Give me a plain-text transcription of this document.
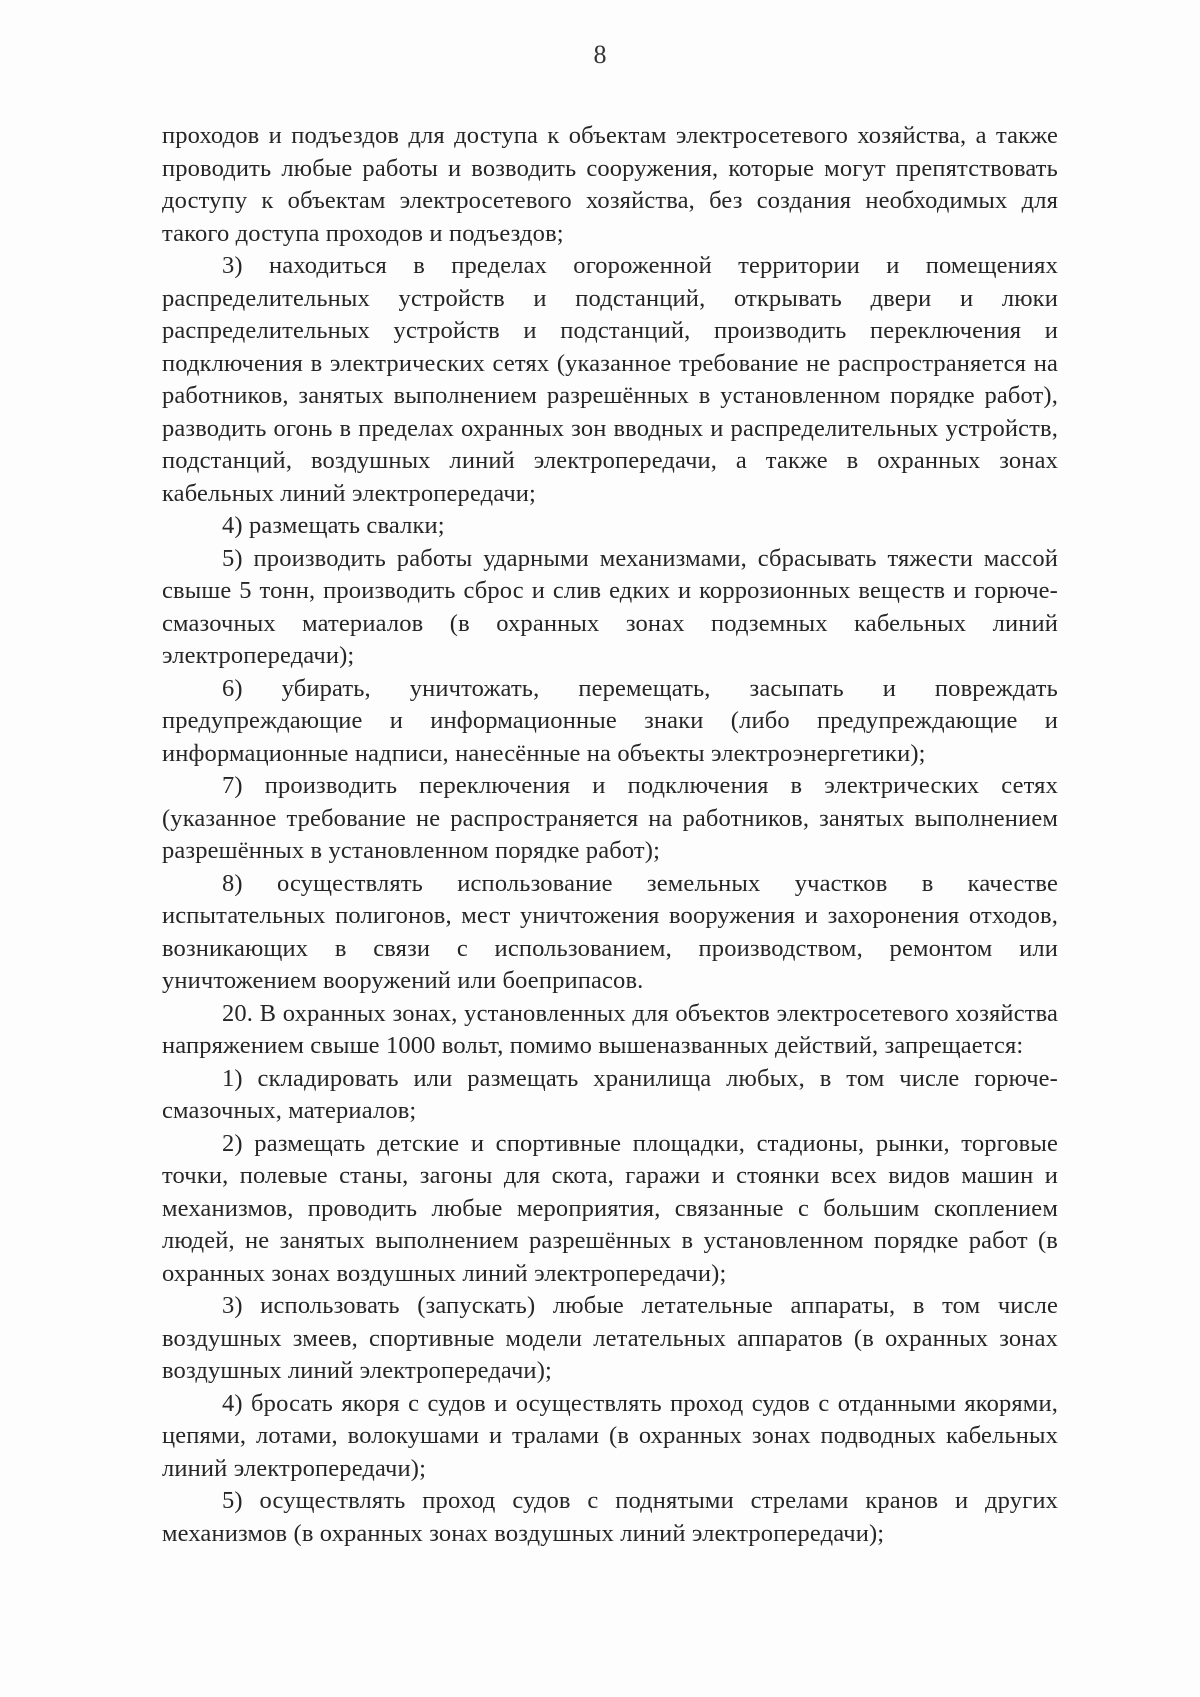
8

проходов и подъездов для доступа к объектам электросетевого хозяйства, а также проводить любые работы и возводить сооружения, которые могут препятствовать доступу к объектам электросетевого хозяйства, без создания необходимых для такого доступа проходов и подъездов;

3) находиться в пределах огороженной территории и помещениях распределительных устройств и подстанций, открывать двери и люки распределительных устройств и подстанций, производить переключения и подключения в электрических сетях (указанное требование не распространяется на работников, занятых выполнением разрешённых в установленном порядке работ), разводить огонь в пределах охранных зон вводных и распределительных устройств, подстанций, воздушных линий электропередачи, а также в охранных зонах кабельных линий электропередачи;

4) размещать свалки;

5) производить работы ударными механизмами, сбрасывать тяжести массой свыше 5 тонн, производить сброс и слив едких и коррозионных веществ и горюче-смазочных материалов (в охранных зонах подземных кабельных линий электропередачи);

6) убирать, уничтожать, перемещать, засыпать и повреждать предупреждающие и информационные знаки (либо предупреждающие и информационные надписи, нанесённые на объекты электроэнергетики);

7) производить переключения и подключения в электрических сетях (указанное требование не распространяется на работников, занятых выполнением разрешённых в установленном порядке работ);

8) осуществлять использование земельных участков в качестве испытательных полигонов, мест уничтожения вооружения и захоронения отходов, возникающих в связи с использованием, производством, ремонтом или уничтожением вооружений или боеприпасов.

20. В охранных зонах, установленных для объектов электросетевого хозяйства напряжением свыше 1000 вольт, помимо вышеназванных действий, запрещается:

1) складировать или размещать хранилища любых, в том числе горюче-смазочных, материалов;

2) размещать детские и спортивные площадки, стадионы, рынки, торговые точки, полевые станы, загоны для скота, гаражи и стоянки всех видов машин и механизмов, проводить любые мероприятия, связанные с большим скоплением людей, не занятых выполнением разрешённых в установленном порядке работ (в охранных зонах воздушных линий электропередачи);

3) использовать (запускать) любые летательные аппараты, в том числе воздушных змеев, спортивные модели летательных аппаратов (в охранных зонах воздушных линий электропередачи);

4) бросать якоря с судов и осуществлять проход судов с отданными якорями, цепями, лотами, волокушами и тралами (в охранных зонах подводных кабельных линий электропередачи);

5) осуществлять проход судов с поднятыми стрелами кранов и других механизмов (в охранных зонах воздушных линий электропередачи);
